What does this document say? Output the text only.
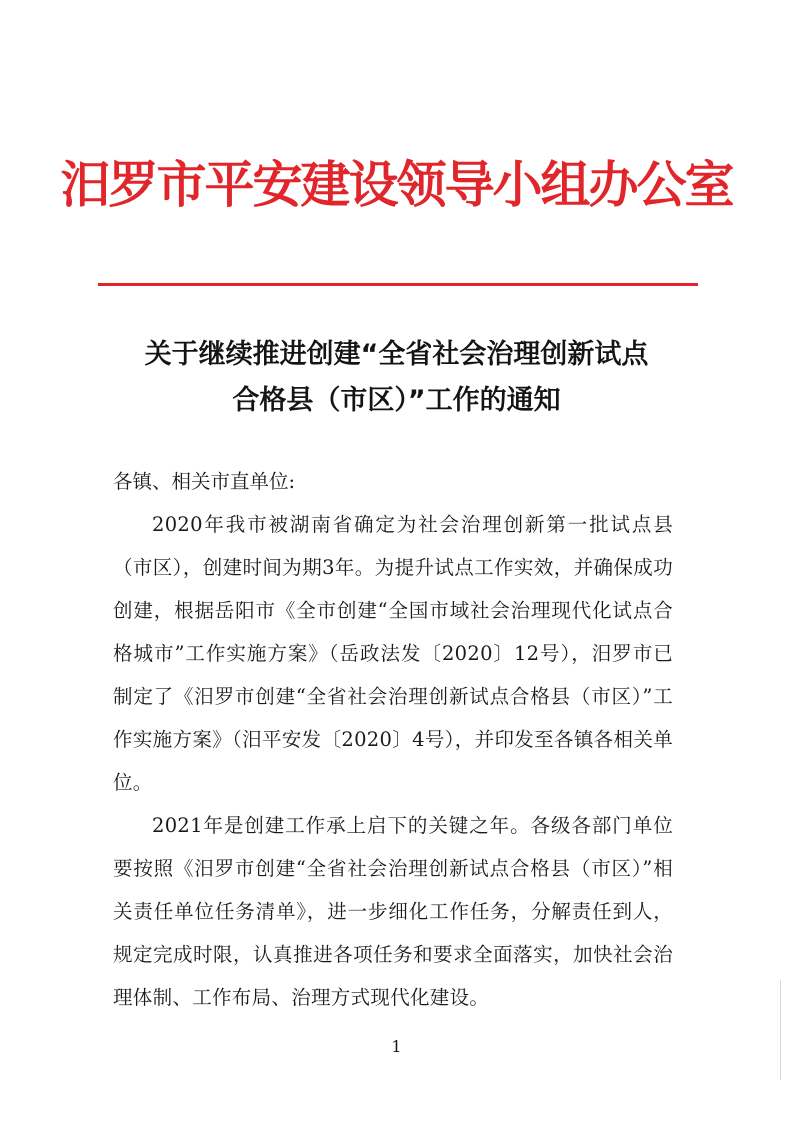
汨罗市平安建设领导小组办公室
关于继续推进创建“全省社会治理创新试点
合格县（市区）”工作的通知

各镇、相关市直单位:

2020年我市被湖南省确定为社会治理创新第一批试点县（市区），创建时间为期3年。为提升试点工作实效，并确保成功创建，根据岳阳市《全市创建“全国市域社会治理现代化试点合格城市”工作实施方案》（岳政法发〔2020〕12号），汨罗市已制定了《汨罗市创建“全省社会治理创新试点合格县（市区）”工作实施方案》（汨平安发〔2020〕4号），并印发至各镇各相关单位。

2021年是创建工作承上启下的关键之年。各级各部门单位要按照《汨罗市创建“全省社会治理创新试点合格县（市区）”相关责任单位任务清单》，进一步细化工作任务，分解责任到人，规定完成时限，认真推进各项任务和要求全面落实，加快社会治理体制、工作布局、治理方式现代化建设。

1
